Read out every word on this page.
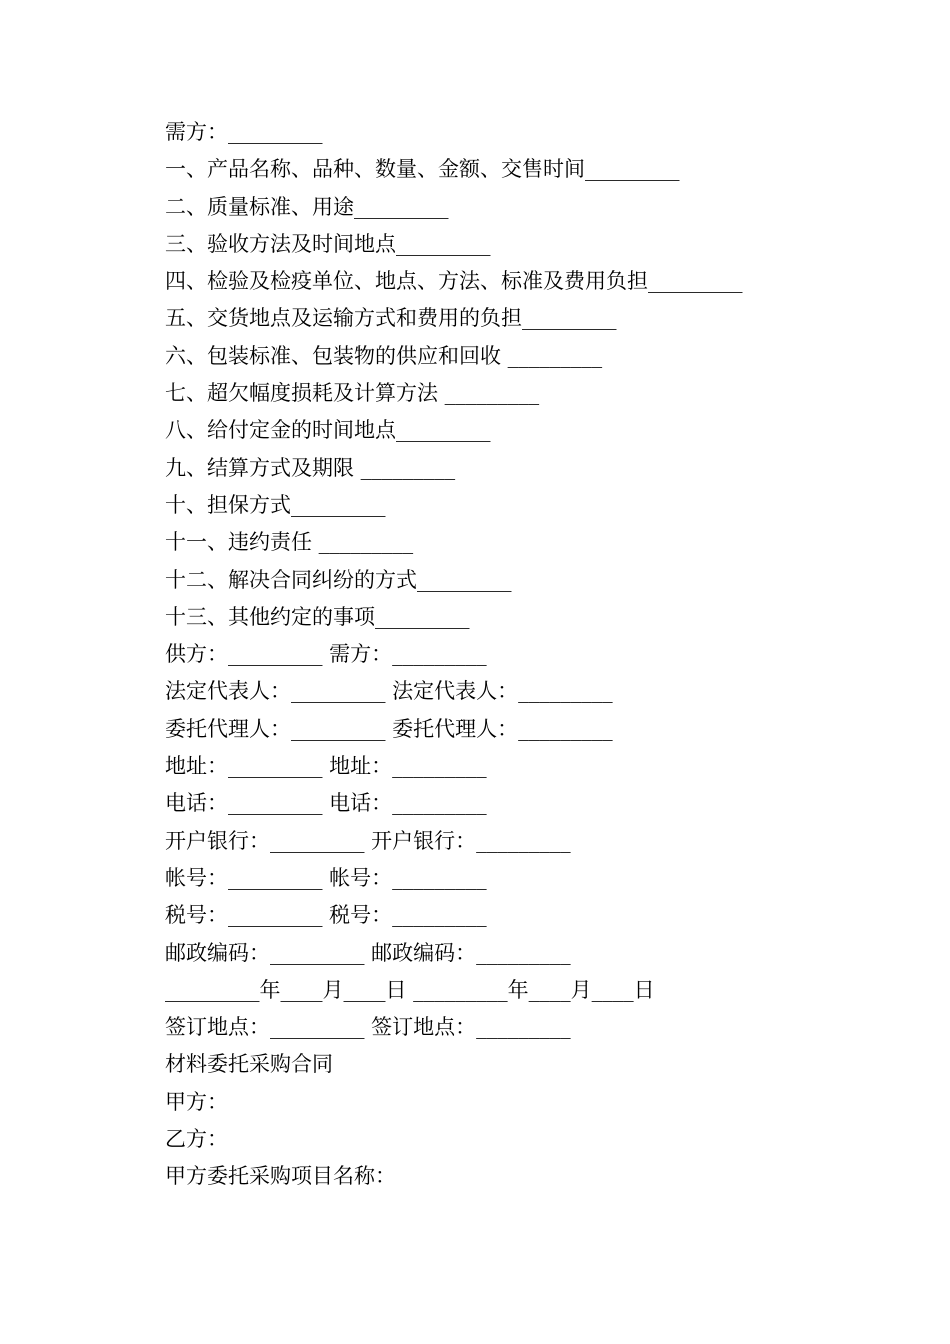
需方：_________
一、产品名称、品种、数量、金额、交售时间_________
二、质量标准、用途_________
三、验收方法及时间地点_________
四、检验及检疫单位、地点、方法、标准及费用负担_________
五、交货地点及运输方式和费用的负担_________
六、包装标准、包装物的供应和回收 _________
七、超欠幅度损耗及计算方法 _________
八、给付定金的时间地点_________
九、结算方式及期限 _________
十、担保方式_________
十一、违约责任 _________
十二、解决合同纠纷的方式_________
十三、其他约定的事项_________
供方：_________ 需方：_________
法定代表人：_________ 法定代表人：_________
委托代理人：_________ 委托代理人：_________
地址：_________ 地址：_________
电话：_________ 电话：_________
开户银行：_________ 开户银行：_________
帐号：_________ 帐号：_________
税号：_________ 税号：_________
邮政编码：_________ 邮政编码：_________
_________年____月____日 _________年____月____日
签订地点：_________ 签订地点：_________
材料委托采购合同
甲方：
乙方：
甲方委托采购项目名称：
